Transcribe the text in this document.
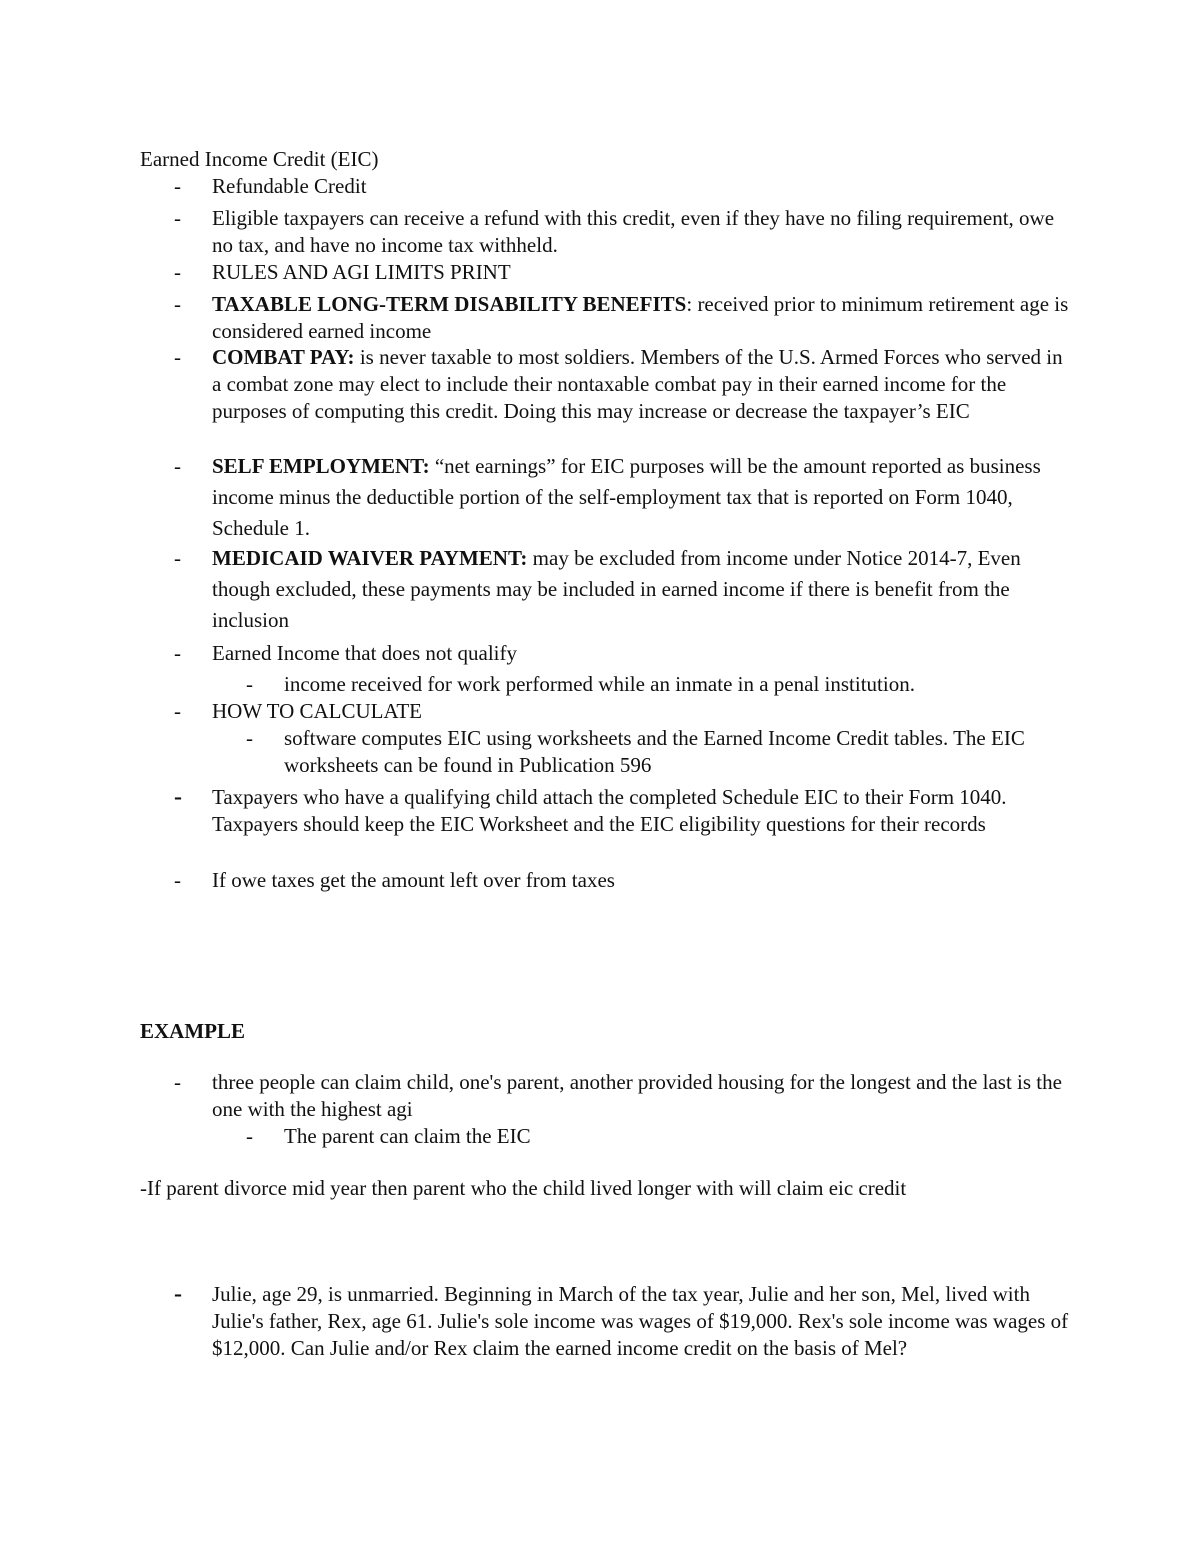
Earned Income Credit (EIC)
-	Refundable Credit
-	Eligible taxpayers can receive a refund with this credit, even if they have no filing requirement, owe no tax, and have no income tax withheld.
-	RULES AND AGI LIMITS PRINT
-	TAXABLE LONG-TERM DISABILITY BENEFITS: received prior to minimum retirement age is considered earned income
-	COMBAT PAY: is never taxable to most soldiers. Members of the U.S. Armed Forces who served in a combat zone may elect to include their nontaxable combat pay in their earned income for the purposes of computing this credit. Doing this may increase or decrease the taxpayer’s EIC
-	SELF EMPLOYMENT: “net earnings” for EIC purposes will be the amount reported as business income minus the deductible portion of the self-employment tax that is reported on Form 1040, Schedule 1.
-	MEDICAID WAIVER PAYMENT: may be excluded from income under Notice 2014-7, Even though excluded, these payments may be included in earned income if there is benefit from the inclusion
-	Earned Income that does not qualify
-	income received for work performed while an inmate in a penal institution.
-	HOW TO CALCULATE
-	software computes EIC using worksheets and the Earned Income Credit tables. The EIC worksheets can be found in Publication 596
-	Taxpayers who have a qualifying child attach the completed Schedule EIC to their Form 1040. Taxpayers should keep the EIC Worksheet and the EIC eligibility questions for their records
-	If owe taxes get the amount left over from taxes
EXAMPLE
-	three people can claim child, one's parent, another provided housing for the longest and the last is the one with the highest agi
-	The parent can claim the EIC
-If parent divorce mid year then parent who the child lived longer with will claim eic credit
-	Julie, age 29, is unmarried. Beginning in March of the tax year, Julie and her son, Mel, lived with Julie's father, Rex, age 61. Julie's sole income was wages of $19,000. Rex's sole income was wages of $12,000. Can Julie and/or Rex claim the earned income credit on the basis of Mel?
